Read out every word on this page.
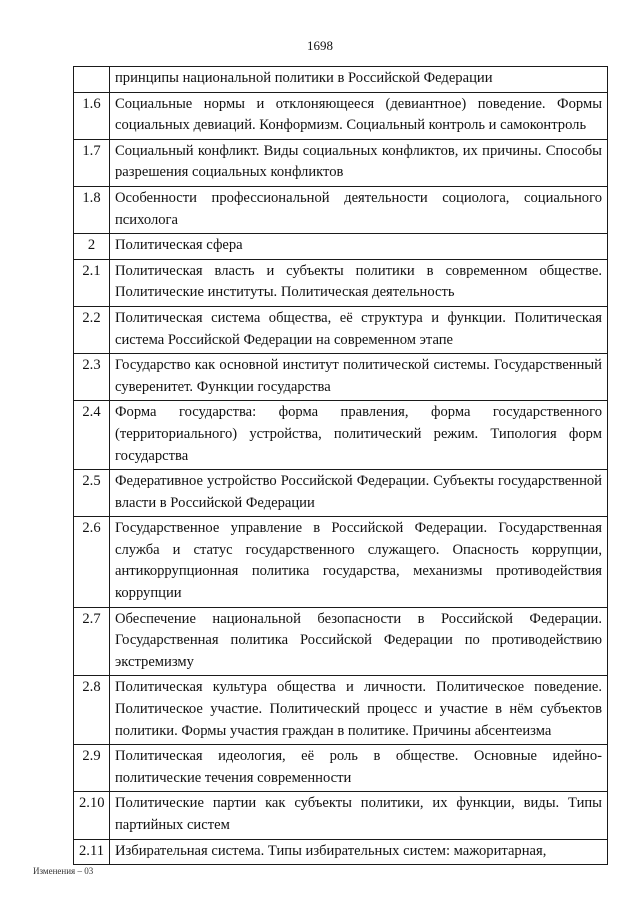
1698
	принципы национальной политики в Российской Федерации
1.6	Социальные нормы и отклоняющееся (девиантное) поведение. Формы социальных девиаций. Конформизм. Социальный контроль и самоконтроль
1.7	Социальный конфликт. Виды социальных конфликтов, их причины. Способы разрешения социальных конфликтов
1.8	Особенности профессиональной деятельности социолога, социального психолога
2	Политическая сфера
2.1	Политическая власть и субъекты политики в современном обществе. Политические институты. Политическая деятельность
2.2	Политическая система общества, её структура и функции. Политическая система Российской Федерации на современном этапе
2.3	Государство как основной институт политической системы. Государственный суверенитет. Функции государства
2.4	Форма государства: форма правления, форма государственного (территориального) устройства, политический режим. Типология форм государства
2.5	Федеративное устройство Российской Федерации. Субъекты государственной власти в Российской Федерации
2.6	Государственное управление в Российской Федерации. Государственная служба и статус государственного служащего. Опасность коррупции, антикоррупционная политика государства, механизмы противодействия коррупции
2.7	Обеспечение национальной безопасности в Российской Федерации. Государственная политика Российской Федерации по противодействию экстремизму
2.8	Политическая культура общества и личности. Политическое поведение. Политическое участие. Политический процесс и участие в нём субъектов политики. Формы участия граждан в политике. Причины абсентеизма
2.9	Политическая идеология, её роль в обществе. Основные идейно-политические течения современности
2.10	Политические партии как субъекты политики, их функции, виды. Типы партийных систем
2.11	Избирательная система. Типы избирательных систем: мажоритарная,
Изменения – 03
